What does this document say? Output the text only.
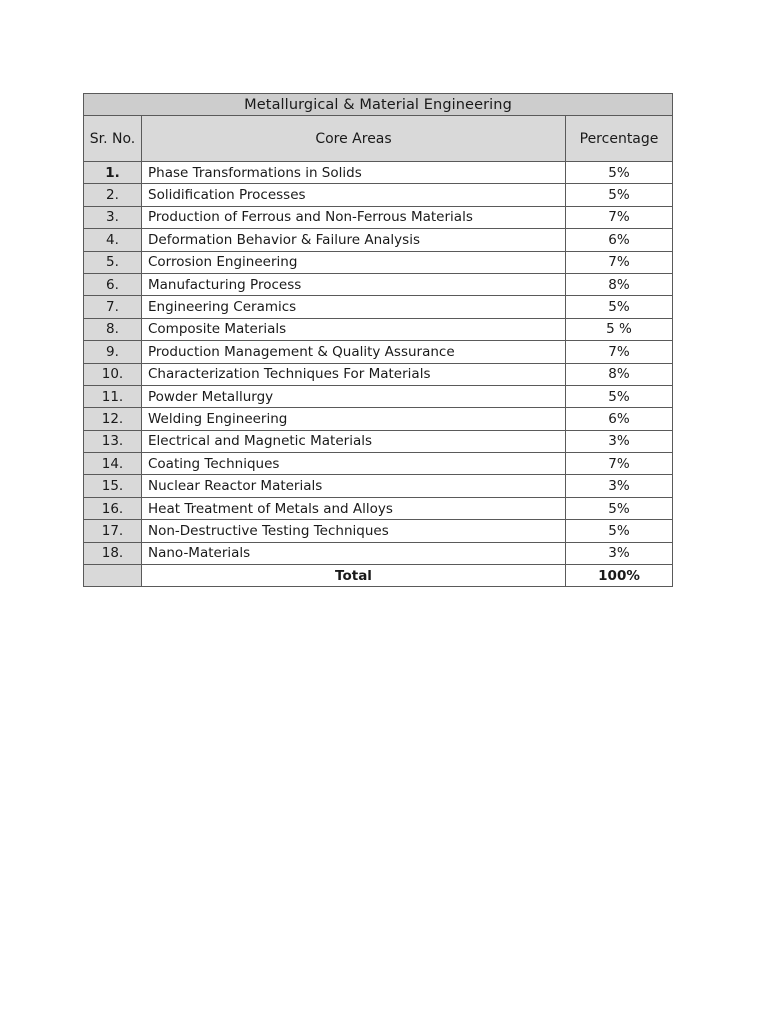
Metallurgical & Material Engineering		
Sr. No.	Core Areas	Percentage
1.	Phase Transformations in Solids	5%
2.	Solidification Processes	5%
3.	Production of Ferrous and Non-Ferrous Materials	7%
4.	Deformation Behavior & Failure Analysis	6%
5.	Corrosion Engineering	7%
6.	Manufacturing Process	8%
7.	Engineering Ceramics	5%
8.	Composite Materials	5 %
9.	Production Management & Quality Assurance	7%
10.	Characterization Techniques For Materials	8%
11.	Powder Metallurgy	5%
12.	Welding Engineering	6%
13.	Electrical and Magnetic Materials	3%
14.	Coating Techniques	7%
15.	Nuclear Reactor Materials	3%
16.	Heat Treatment of Metals and Alloys	5%
17.	Non-Destructive Testing Techniques	5%
18.	Nano-Materials	3%
	Total	100%
